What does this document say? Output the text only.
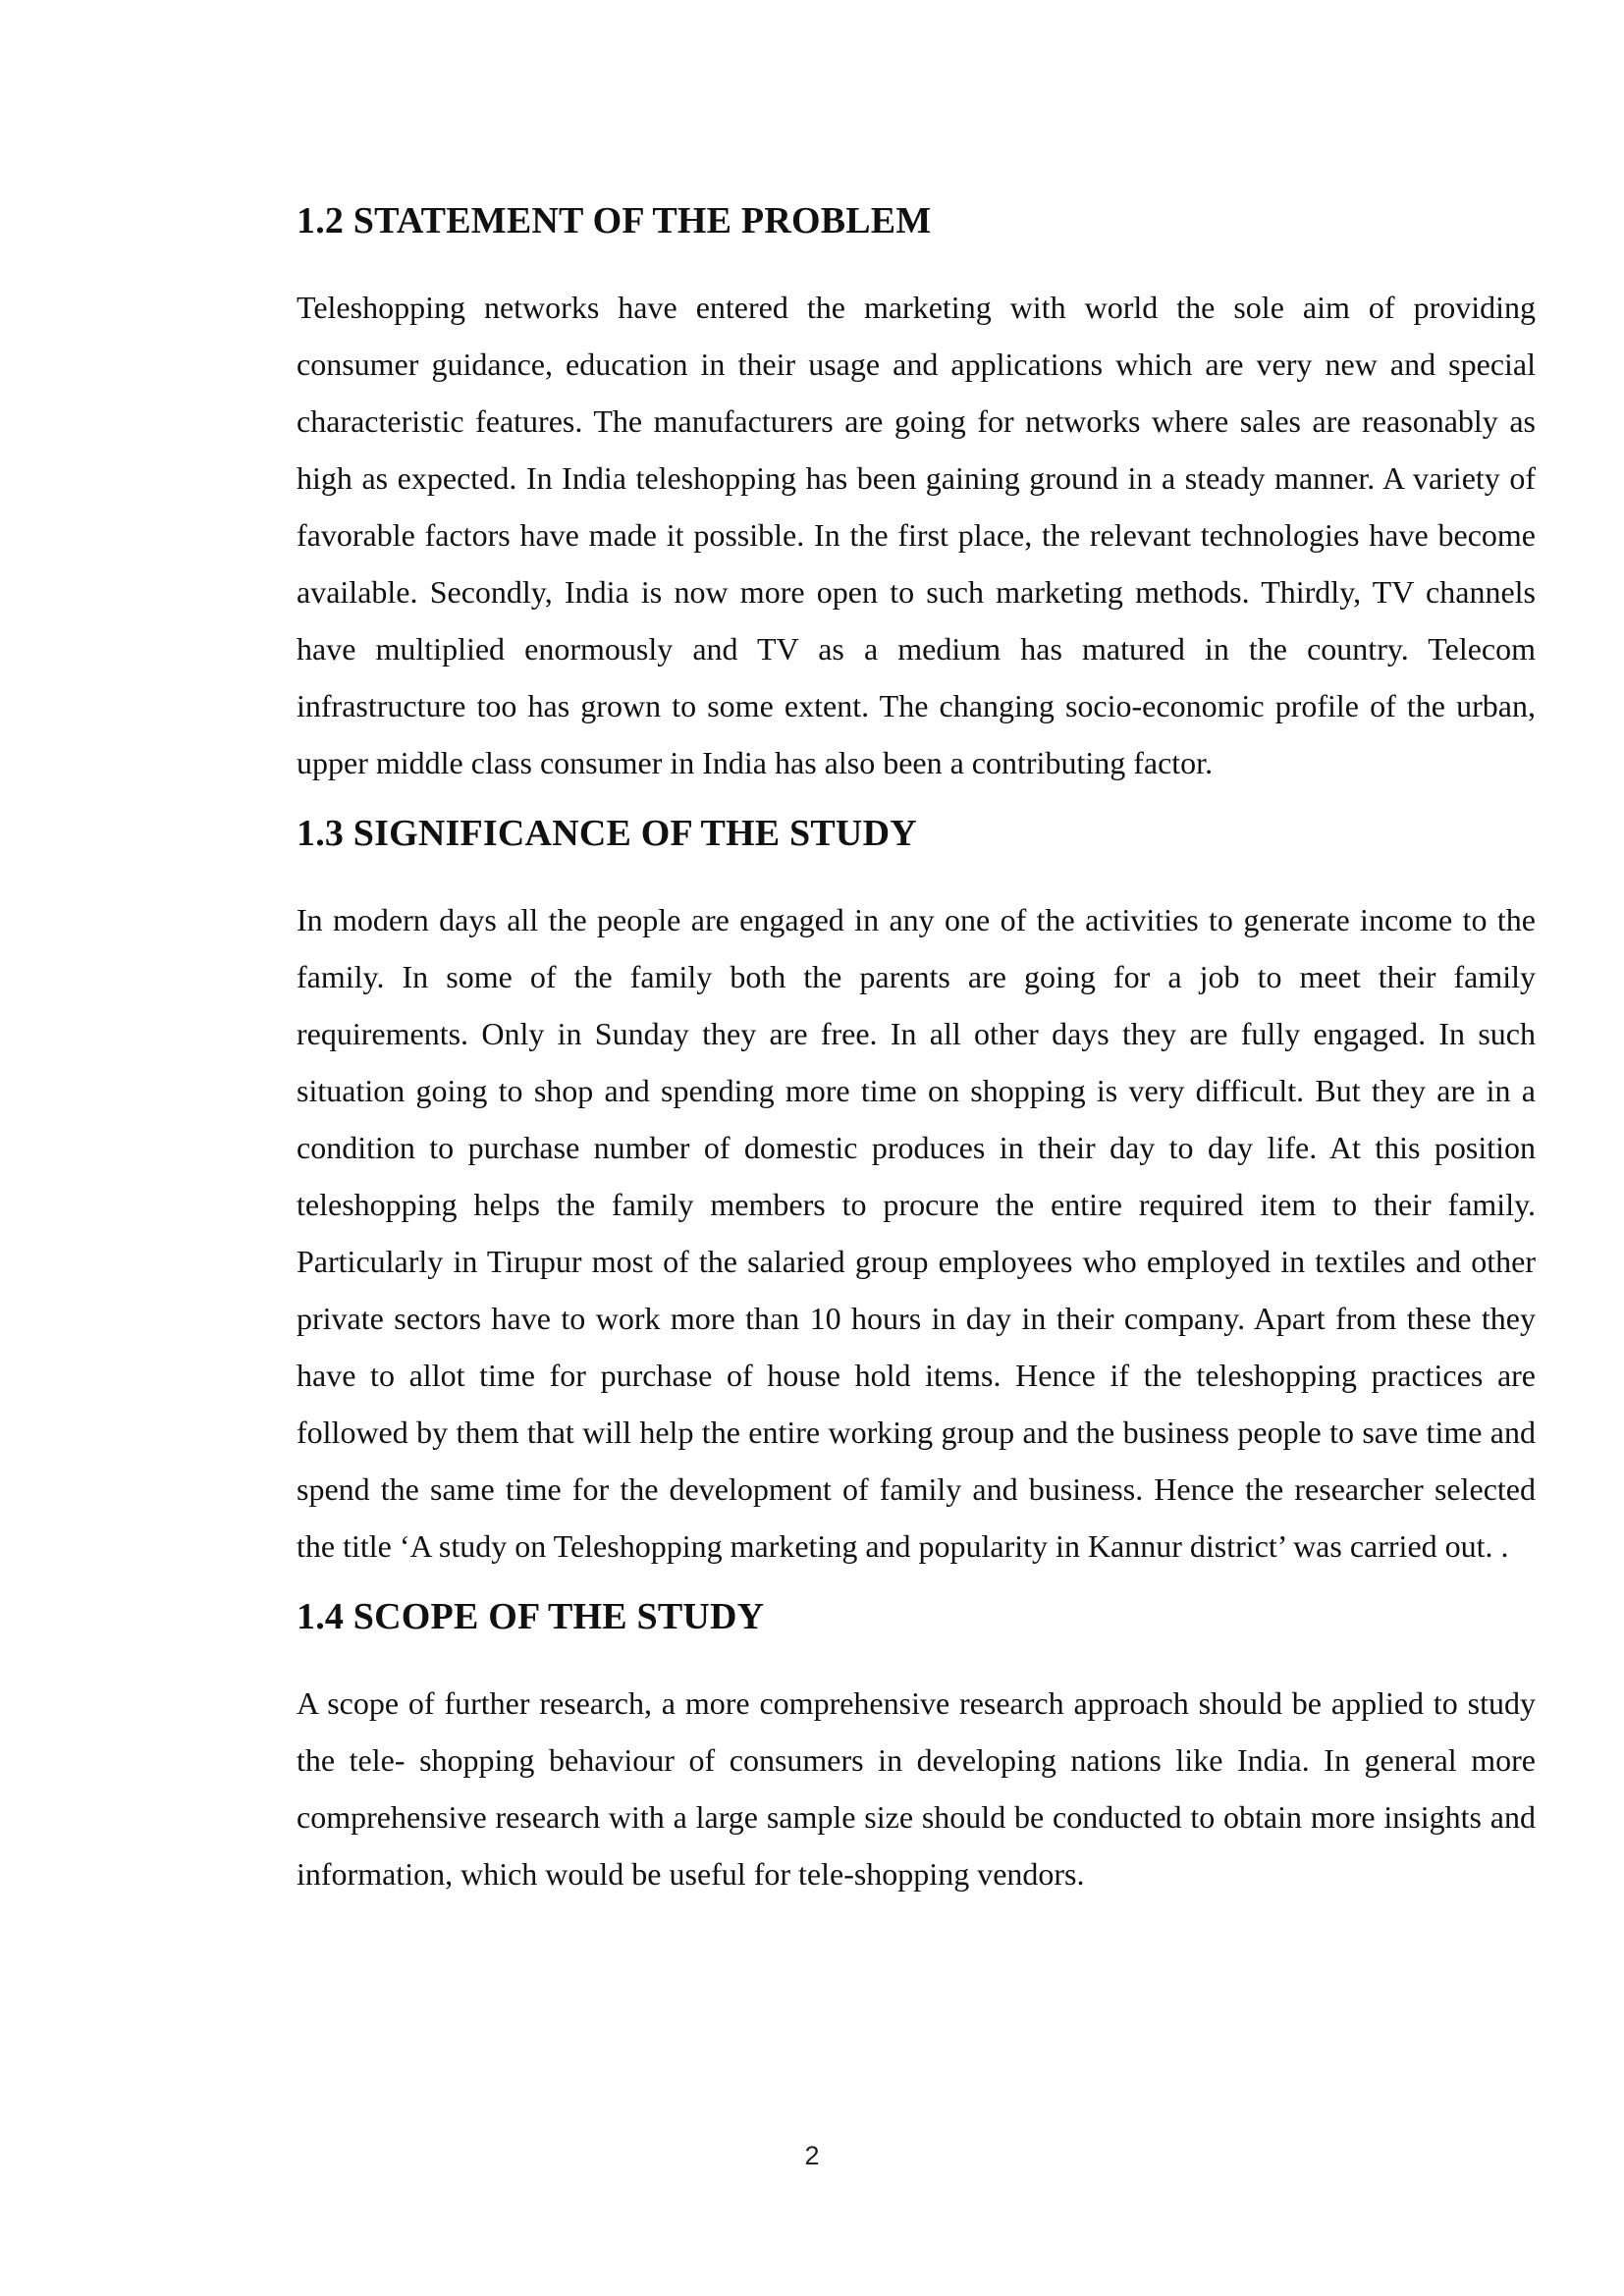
1.2 STATEMENT OF THE PROBLEM

Teleshopping networks have entered the marketing with world the sole aim of providing consumer guidance, education in their usage and applications which are very new and special characteristic features. The manufacturers are going for networks where sales are reasonably as high as expected. In India teleshopping has been gaining ground in a steady manner. A variety of favorable factors have made it possible. In the first place, the relevant technologies have become available. Secondly, India is now more open to such marketing methods. Thirdly, TV channels have multiplied enormously and TV as a medium has matured in the country. Telecom infrastructure too has grown to some extent. The changing socio-economic profile of the urban, upper middle class consumer in India has also been a contributing factor.

1.3 SIGNIFICANCE OF THE STUDY

In modern days all the people are engaged in any one of the activities to generate income to the family. In some of the family both the parents are going for a job to meet their family requirements. Only in Sunday they are free. In all other days they are fully engaged. In such situation going to shop and spending more time on shopping is very difficult. But they are in a condition to purchase number of domestic produces in their day to day life. At this position teleshopping helps the family members to procure the entire required item to their family. Particularly in Tirupur most of the salaried group employees who employed in textiles and other private sectors have to work more than 10 hours in day in their company. Apart from these they have to allot time for purchase of house hold items. Hence if the teleshopping practices are followed by them that will help the entire working group and the business people to save time and spend the same time for the development of family and business. Hence the researcher selected the title ‘A study on Teleshopping marketing and popularity in Kannur district’ was carried out. .

1.4 SCOPE OF THE STUDY

A scope of further research, a more comprehensive research approach should be applied to study the tele- shopping behaviour of consumers in developing nations like India. In general more comprehensive research with a large sample size should be conducted to obtain more insights and information, which would be useful for tele-shopping vendors.

2
